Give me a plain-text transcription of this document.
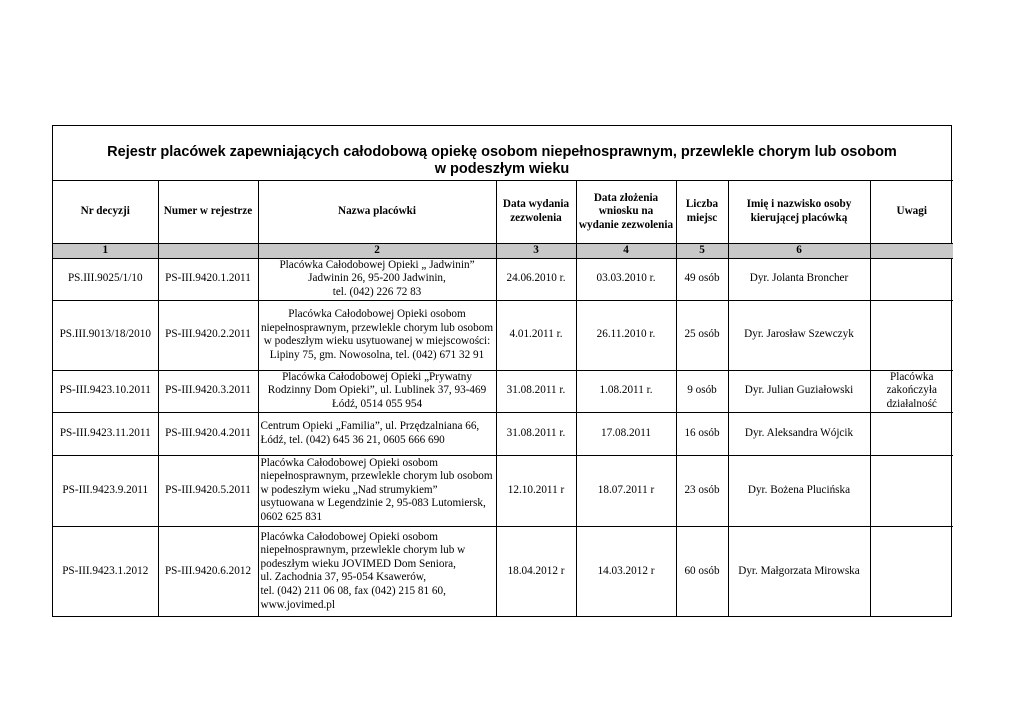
Rejestr placówek zapewniających całodobową opiekę osobom niepełnosprawnym, przewlekle chorym lub osobom
w podeszłym wieku
Nr decyzji	Numer w rejestrze	Nazwa placówki	Data wydania zezwolenia	Data złożenia wniosku na wydanie zezwolenia	Liczba miejsc	Imię i nazwisko osoby kierującej placówką	Uwagi
1		2	3	4	5	6	
PS.III.9025/1/10	PS-III.9420.1.2011	Placówka Całodobowej Opieki „ Jadwinin”
Jadwinin 26, 95-200 Jadwinin,
tel. (042) 226 72 83	24.06.2010 r.	03.03.2010 r.	49 osób	Dyr. Jolanta Broncher	
PS.III.9013/18/2010	PS-III.9420.2.2011	Placówka Całodobowej Opieki osobom niepełnosprawnym, przewlekle chorym lub osobom w podeszłym wieku usytuowanej w miejscowości: Lipiny 75, gm. Nowosolna, tel. (042) 671 32 91	4.01.2011 r.	26.11.2010 r.	25 osób	Dyr. Jarosław Szewczyk	
PS-III.9423.10.2011	PS-III.9420.3.2011	Placówka Całodobowej Opieki „Prywatny Rodzinny Dom Opieki”, ul. Lublinek 37, 93-469 Łódź, 0514 055 954	31.08.2011 r.	1.08.2011 r.	9 osób	Dyr. Julian Guziałowski	Placówka zakończyła działalność
PS-III.9423.11.2011	PS-III.9420.4.2011	Centrum Opieki „Familia”, ul. Przędzalniana 66, Łódź, tel. (042) 645 36 21, 0605 666 690	31.08.2011 r.	17.08.2011	16 osób	Dyr. Aleksandra Wójcik	
PS-III.9423.9.2011	PS-III.9420.5.2011	Placówka Całodobowej Opieki osobom niepełnosprawnym, przewlekle chorym lub osobom w podeszłym wieku „Nad strumykiem” usytuowana w Legendzinie 2, 95-083 Lutomiersk, 0602 625 831	12.10.2011 r	18.07.2011 r	23 osób	Dyr. Bożena Plucińska	
PS-III.9423.1.2012	PS-III.9420.6.2012	Placówka Całodobowej Opieki osobom niepełnosprawnym, przewlekle chorym lub w podeszłym wieku JOVIMED Dom Seniora,
ul. Zachodnia 37, 95-054 Ksawerów,
tel. (042) 211 06 08, fax (042) 215 81 60,
www.jovimed.pl	18.04.2012 r	14.03.2012 r	60 osób	Dyr. Małgorzata Mirowska	
